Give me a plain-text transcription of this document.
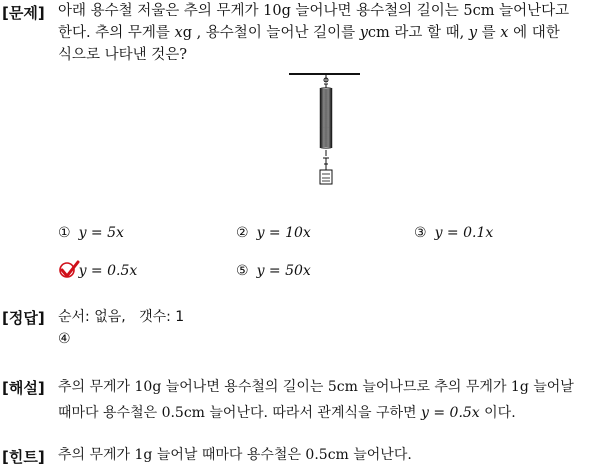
[문제] 아래 용수철 저울은 추의 무게가 10g 늘어나면 용수철의 길이는 5cm 늘어난다고
한다. 추의 무게를 xg , 용수철이 늘어난 길이를 ycm 라고 할 때, y 를 x 에 대한
식으로 나타낸 것은?
① y = 5x	② y = 10x	③ y = 0.1x
y = 0.5x	⑤ y = 50x
[정답] 순서: 없음,   갯수: 1
④
[해설] 추의 무게가 10g 늘어나면 용수철의 길이는 5cm 늘어나므로 추의 무게가 1g 늘어날
때마다 용수철은 0.5cm 늘어난다. 따라서 관계식을 구하면 y = 0.5x 이다.
[힌트] 추의 무게가 1g 늘어날 때마다 용수철은 0.5cm 늘어난다.
